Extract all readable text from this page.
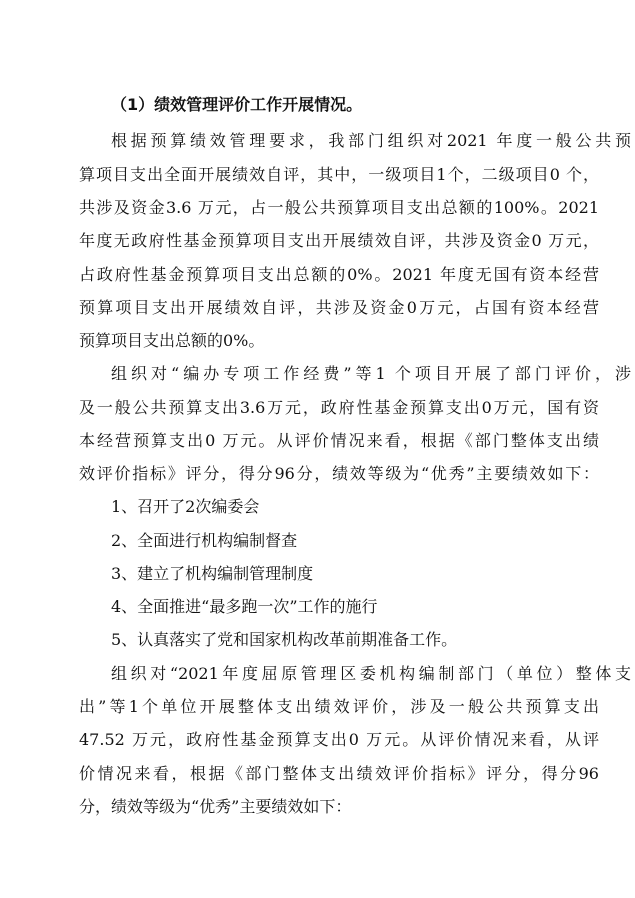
（1）绩效管理评价工作开展情况。
根据预算绩效管理要求，我部门组织对2021 年度一般公共预
算项目支出全面开展绩效自评，其中，一级项目1个，二级项目0 个，
共涉及资金3.6 万元，占一般公共预算项目支出总额的100%。2021
年度无政府性基金预算项目支出开展绩效自评，共涉及资金0 万元，
占政府性基金预算项目支出总额的0%。2021 年度无国有资本经营
预算项目支出开展绩效自评，共涉及资金0万元，占国有资本经营
预算项目支出总额的0%。
组织对“编办专项工作经费”等1 个项目开展了部门评价，涉
及一般公共预算支出3.6万元，政府性基金预算支出0万元，国有资
本经营预算支出0 万元。从评价情况来看，根据《部门整体支出绩
效评价指标》评分，得分96分，绩效等级为“优秀”主要绩效如下：
1、召开了2次编委会
2、全面进行机构编制督查
3、建立了机构编制管理制度
4、全面推进“最多跑一次”工作的施行
5、认真落实了党和国家机构改革前期准备工作。
组织对“2021年度屈原管理区委机构编制部门（单位）整体支
出”等1个单位开展整体支出绩效评价，涉及一般公共预算支出
47.52 万元，政府性基金预算支出0 万元。从评价情况来看，从评
价情况来看，根据《部门整体支出绩效评价指标》评分，得分96
分，绩效等级为“优秀”主要绩效如下：
